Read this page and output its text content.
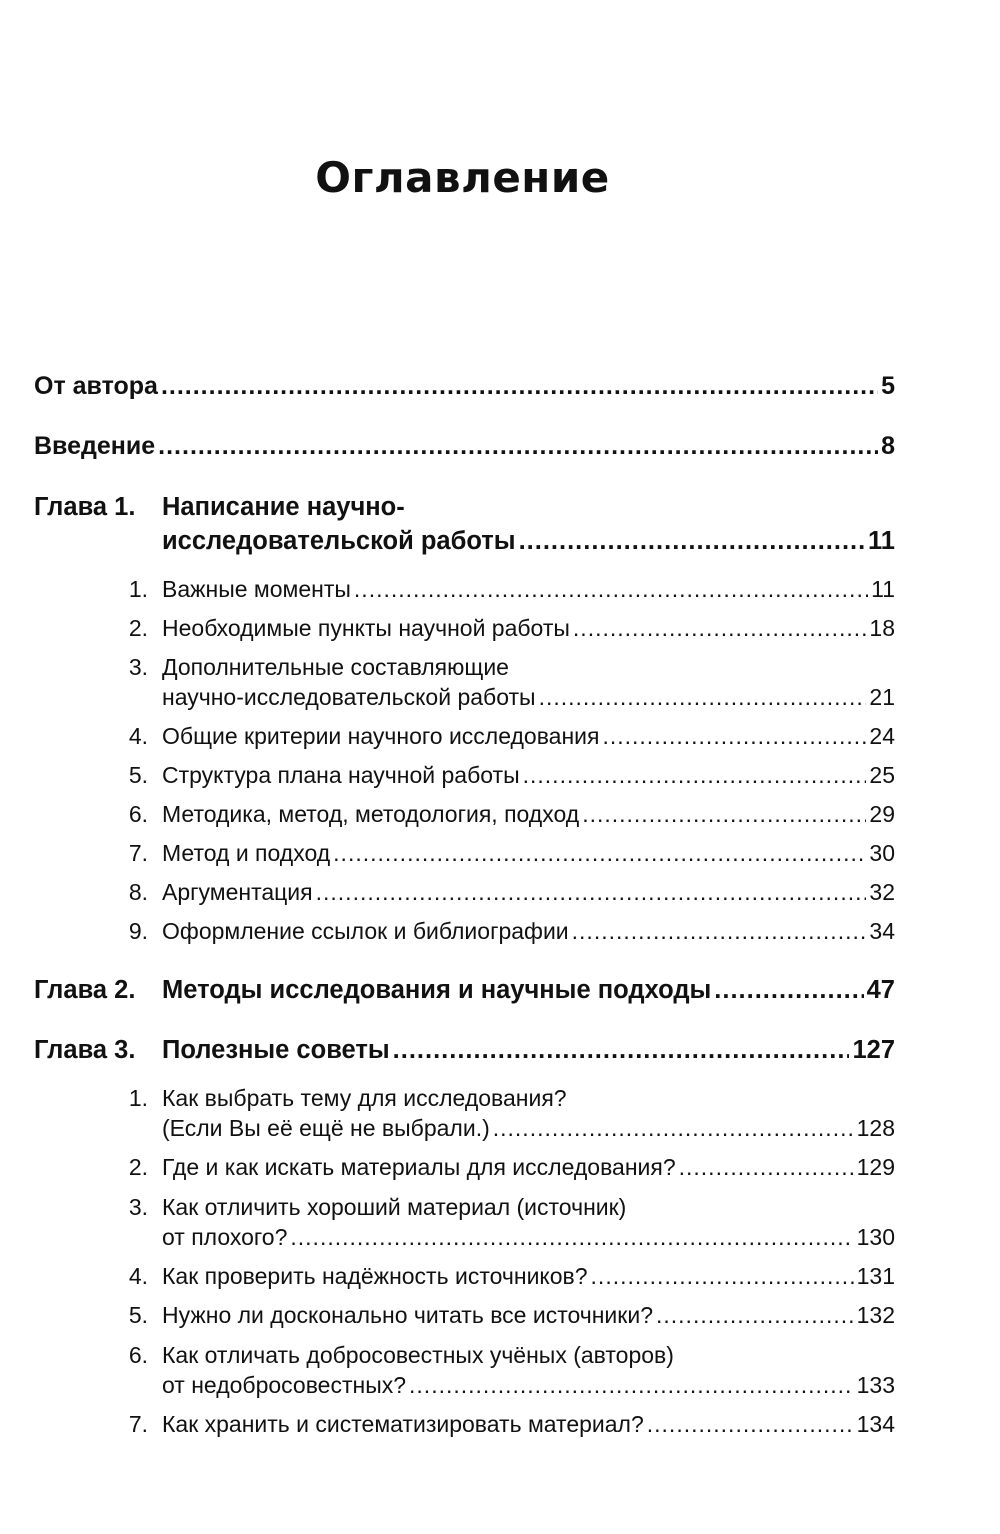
Оглавление
От автора .....	5
Введение .....	8
Глава 1.	Написание научно-
исследовательской работы .....	11
1. Важные моменты .....	11
2. Необходимые пункты научной работы .....	18
3. Дополнительные составляющие
научно-исследовательской работы .....	21
4. Общие критерии научного исследования .....	24
5. Структура плана научной работы .....	25
6. Методика, метод, методология, подход .....	29
7. Метод и подход .....	30
8. Аргументация .....	32
9. Оформление ссылок и библиографии .....	34
Глава 2.	Методы исследования и научные подходы .....	47
Глава 3.	Полезные советы .....	127
1. Как выбрать тему для исследования?
(Если Вы её ещё не выбрали.) .....	128
2. Где и как искать материалы для исследования? .....	129
3. Как отличить хороший материал (источник)
от плохого? .....	130
4. Как проверить надёжность источников? .....	131
5. Нужно ли досконально читать все источники? .....	132
6. Как отличать добросовестных учёных (авторов)
от недобросовестных? .....	133
7. Как хранить и систематизировать материал? .....	134
